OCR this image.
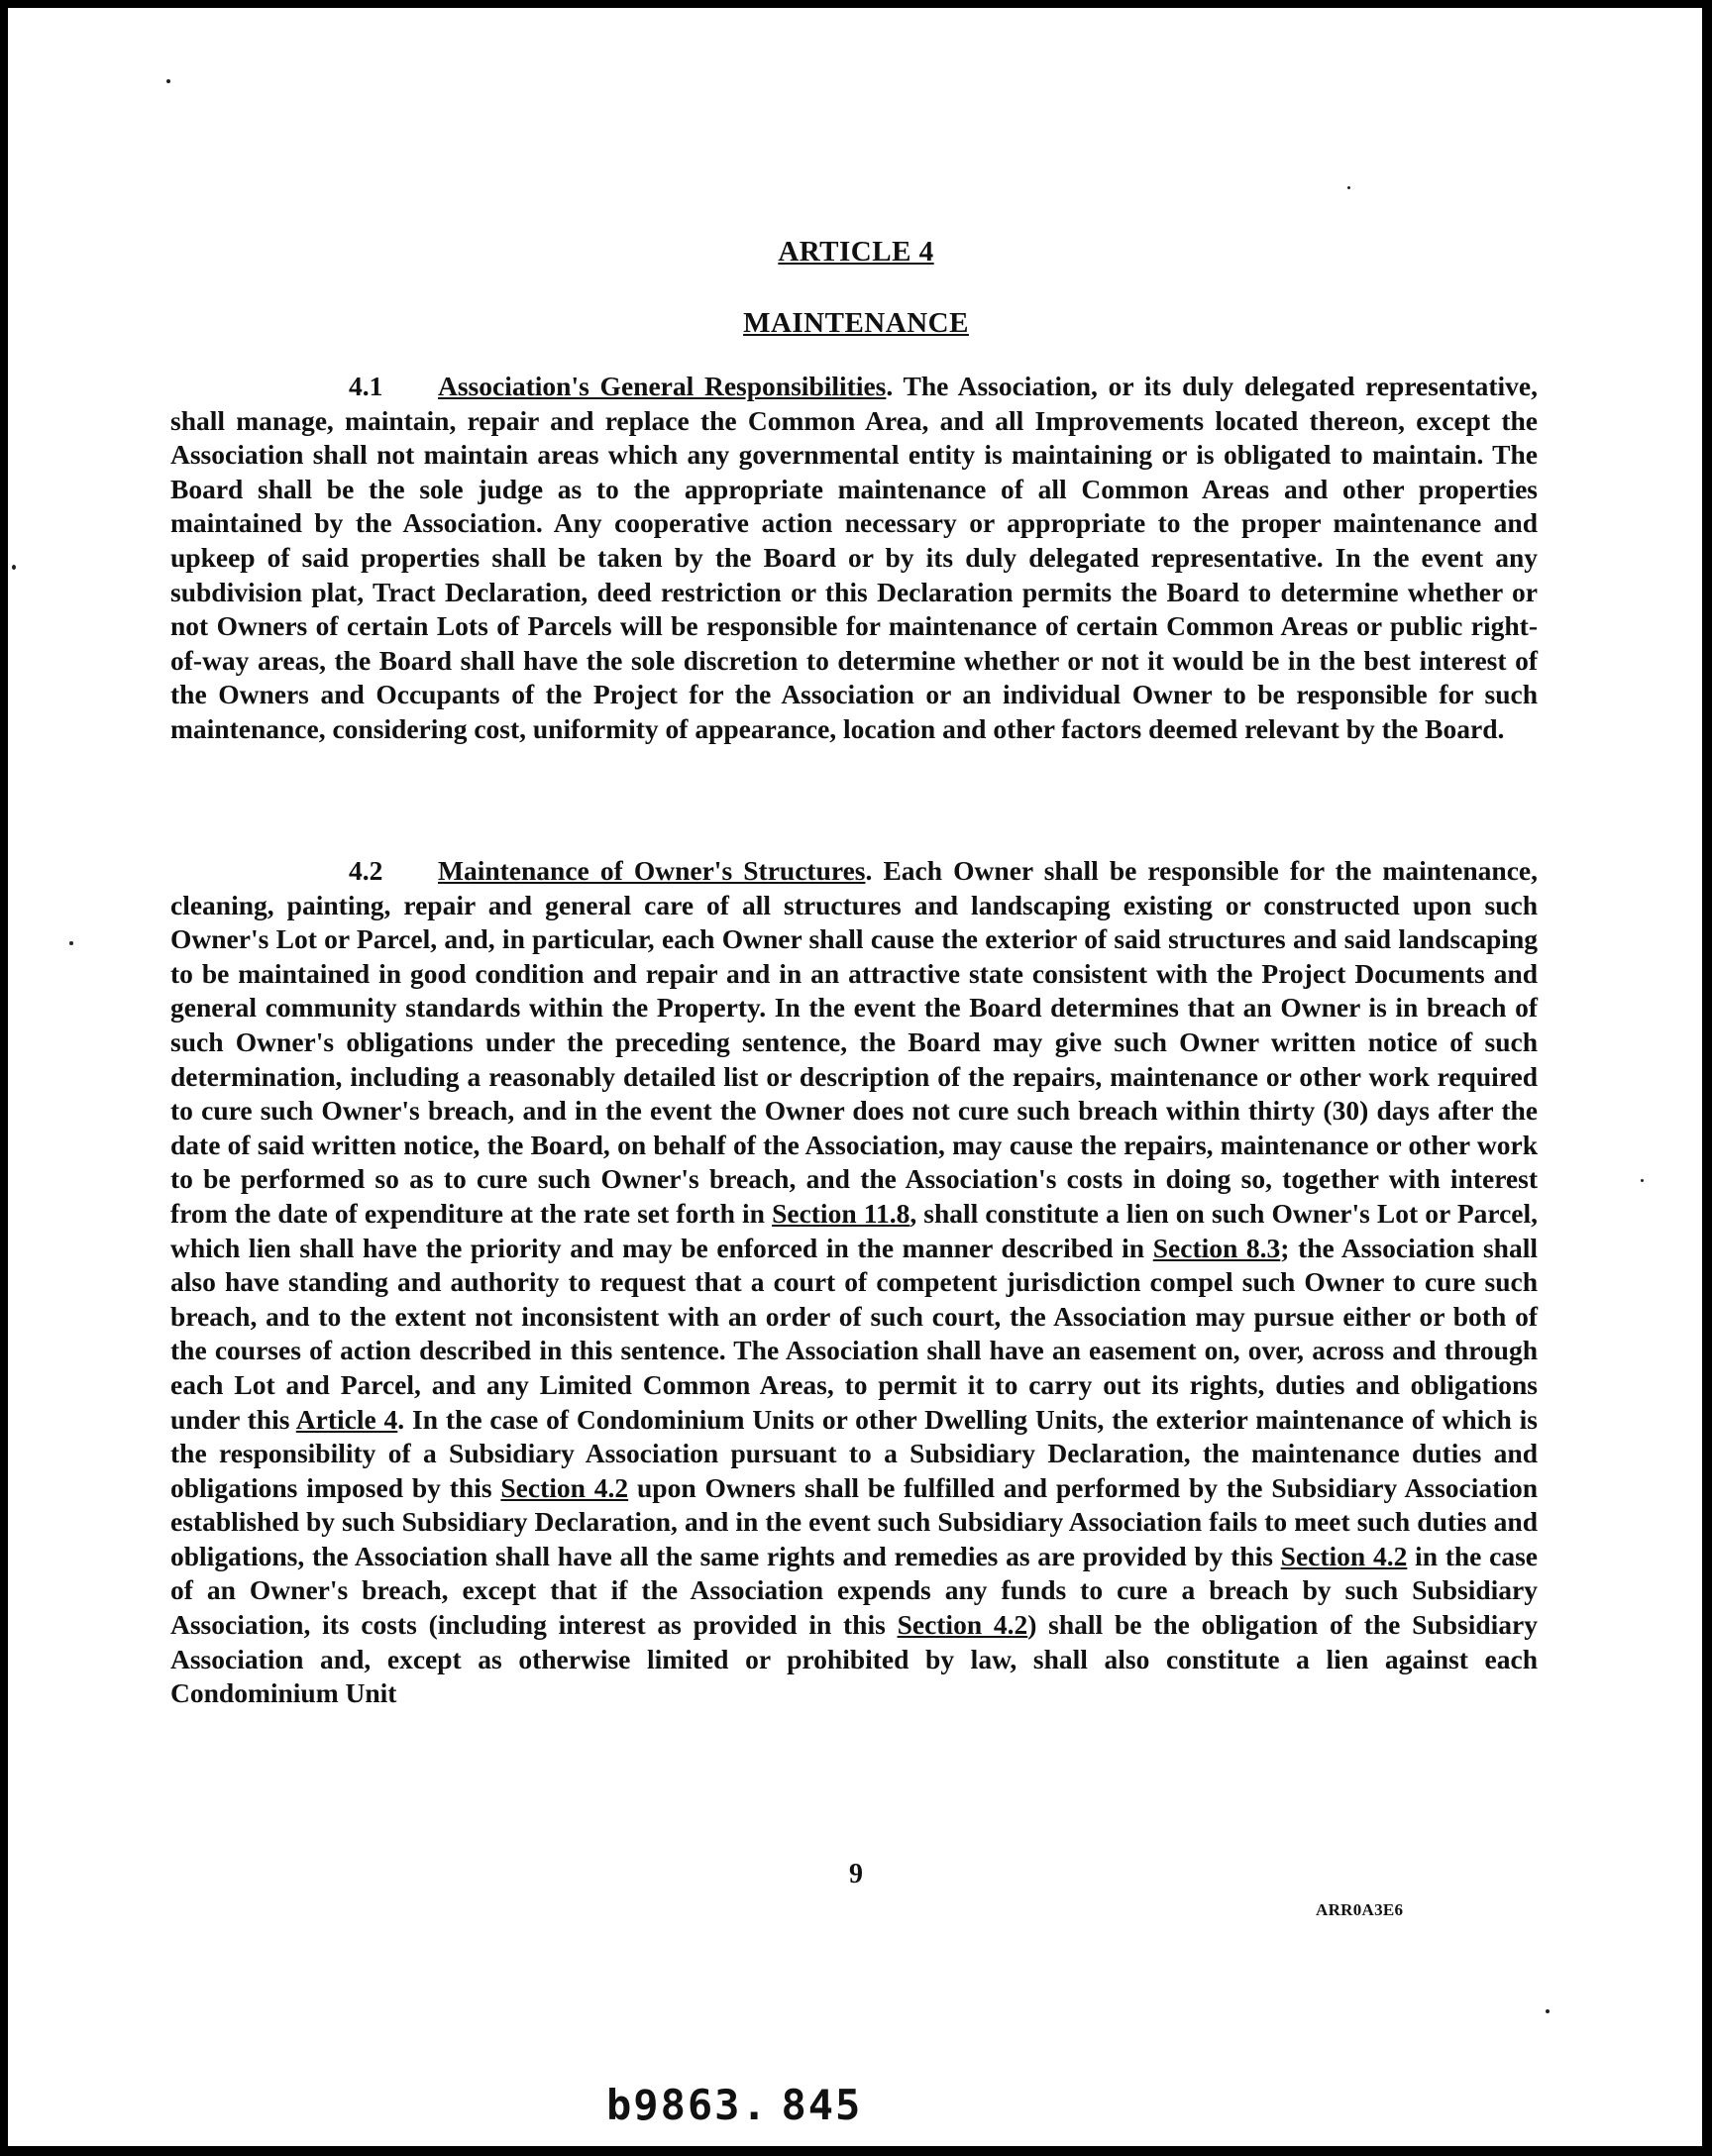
ARTICLE 4
MAINTENANCE

4.1 Association's General Responsibilities. The Association, or its duly delegated representative, shall manage, maintain, repair and replace the Common Area, and all Improvements located thereon, except the Association shall not maintain areas which any governmental entity is maintaining or is obligated to maintain. The Board shall be the sole judge as to the appropriate maintenance of all Common Areas and other properties maintained by the Association. Any cooperative action necessary or appropriate to the proper maintenance and upkeep of said properties shall be taken by the Board or by its duly delegated representative. In the event any subdivision plat, Tract Declaration, deed restriction or this Declaration permits the Board to determine whether or not Owners of certain Lots of Parcels will be responsible for maintenance of certain Common Areas or public right-of-way areas, the Board shall have the sole discretion to determine whether or not it would be in the best interest of the Owners and Occupants of the Project for the Association or an individual Owner to be responsible for such maintenance, considering cost, uniformity of appearance, location and other factors deemed relevant by the Board.

4.2 Maintenance of Owner's Structures. Each Owner shall be responsible for the maintenance, cleaning, painting, repair and general care of all structures and landscaping existing or constructed upon such Owner's Lot or Parcel, and, in particular, each Owner shall cause the exterior of said structures and said landscaping to be maintained in good condition and repair and in an attractive state consistent with the Project Documents and general community standards within the Property. In the event the Board determines that an Owner is in breach of such Owner's obligations under the preceding sentence, the Board may give such Owner written notice of such determination, including a reasonably detailed list or description of the repairs, maintenance or other work required to cure such Owner's breach, and in the event the Owner does not cure such breach within thirty (30) days after the date of said written notice, the Board, on behalf of the Association, may cause the repairs, maintenance or other work to be performed so as to cure such Owner's breach, and the Association's costs in doing so, together with interest from the date of expenditure at the rate set forth in Section 11.8, shall constitute a lien on such Owner's Lot or Parcel, which lien shall have the priority and may be enforced in the manner described in Section 8.3; the Association shall also have standing and authority to request that a court of competent jurisdiction compel such Owner to cure such breach, and to the extent not inconsistent with an order of such court, the Association may pursue either or both of the courses of action described in this sentence. The Association shall have an easement on, over, across and through each Lot and Parcel, and any Limited Common Areas, to permit it to carry out its rights, duties and obligations under this Article 4. In the case of Condominium Units or other Dwelling Units, the exterior maintenance of which is the responsibility of a Subsidiary Association pursuant to a Subsidiary Declaration, the maintenance duties and obligations imposed by this Section 4.2 upon Owners shall be fulfilled and performed by the Subsidiary Association established by such Subsidiary Declaration, and in the event such Subsidiary Association fails to meet such duties and obligations, the Association shall have all the same rights and remedies as are provided by this Section 4.2 in the case of an Owner's breach, except that if the Association expends any funds to cure a breach by such Subsidiary Association, its costs (including interest as provided in this Section 4.2) shall be the obligation of the Subsidiary Association and, except as otherwise limited or prohibited by law, shall also constitute a lien against each Condominium Unit

9
ARR0A3E6
b9863. 845
